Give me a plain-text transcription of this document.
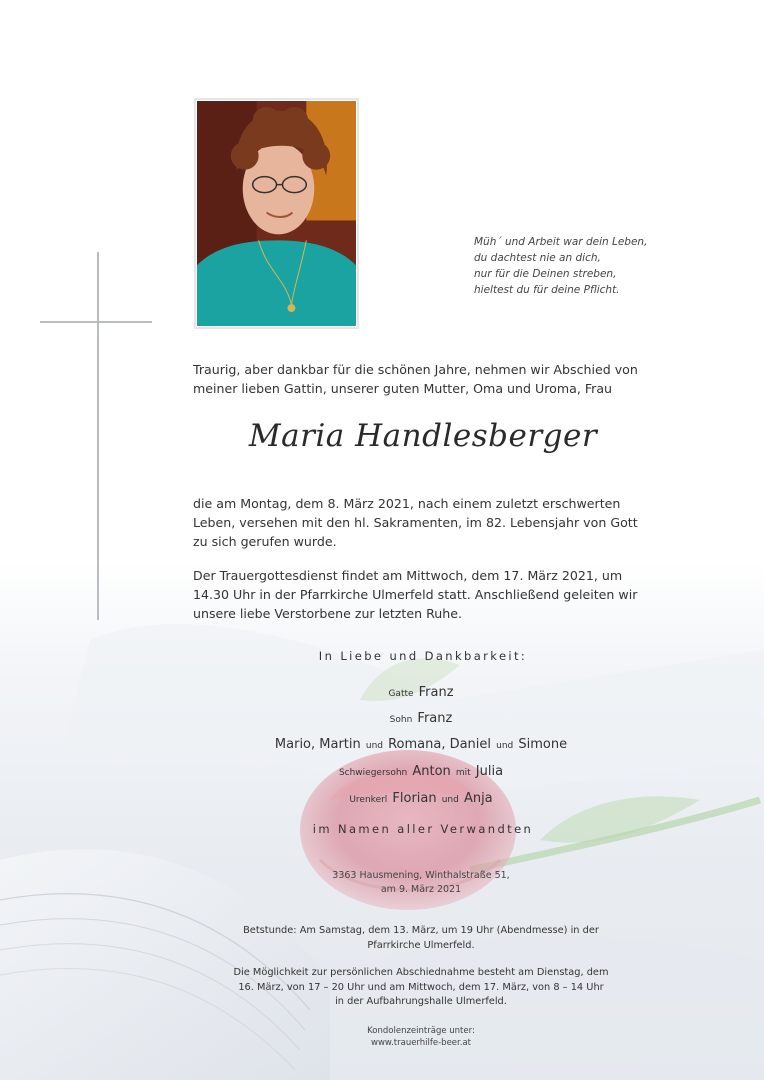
Müh´ und Arbeit war dein Leben,
du dachtest nie an dich,
nur für die Deinen streben,
hieltest du für deine Pflicht.
Traurig, aber dankbar für die schönen Jahre, nehmen wir Abschied von
meiner lieben Gattin, unserer guten Mutter, Oma und Uroma, Frau
Maria Handlesberger
die am Montag, dem 8. März 2021, nach einem zuletzt erschwerten
Leben, versehen mit den hl. Sakramenten, im 82. Lebensjahr von Gott
zu sich gerufen wurde.
Der Trauergottesdienst findet am Mittwoch, dem 17. März 2021, um
14.30 Uhr in der Pfarrkirche Ulmerfeld statt. Anschließend geleiten wir
unsere liebe Verstorbene zur letzten Ruhe.
In Liebe und Dankbarkeit:
Gatte Franz
Sohn Franz
Mario, Martin und Romana, Daniel und Simone
Schwiegersohn Anton mit Julia
Urenkerl Florian und Anja
im Namen aller Verwandten
3363 Hausmening, Winthalstraße 51,
am 9. März 2021
Betstunde: Am Samstag, dem 13. März, um 19 Uhr (Abendmesse) in der
Pfarrkirche Ulmerfeld.
Die Möglichkeit zur persönlichen Abschiednahme besteht am Dienstag, dem
16. März, von 17 – 20 Uhr und am Mittwoch, dem 17. März, von 8 – 14 Uhr
in der Aufbahrungshalle Ulmerfeld.
Kondolenzeinträge unter:
www.trauerhilfe-beer.at
